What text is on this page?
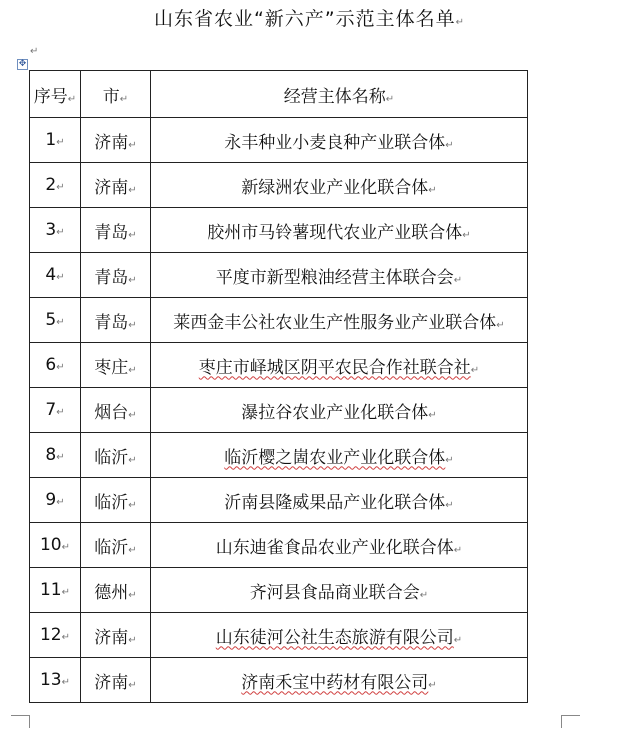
山东省农业“新六产”示范主体名单↵
↵
✥
序号↵	市↵	经营主体名称↵
1↵	济南↵	永丰种业小麦良种产业联合体↵
2↵	济南↵	新绿洲农业产业化联合体↵
3↵	青岛↵	胶州市马铃薯现代农业产业联合体↵
4↵	青岛↵	平度市新型粮油经营主体联合会↵
5↵	青岛↵	莱西金丰公社农业生产性服务业产业联合体↵
6↵	枣庄↵	枣庄市峄城区阴平农民合作社联合社↵
7↵	烟台↵	瀑拉谷农业产业化联合体↵
8↵	临沂↵	临沂樱之崮农业产业化联合体↵
9↵	临沂↵	沂南县隆威果品产业化联合体↵
10↵	临沂↵	山东迪雀食品农业产业化联合体↵
11↵	德州↵	齐河县食品商业联合会↵
12↵	济南↵	山东徒河公社生态旅游有限公司↵
13↵	济南↵	济南禾宝中药材有限公司↵
